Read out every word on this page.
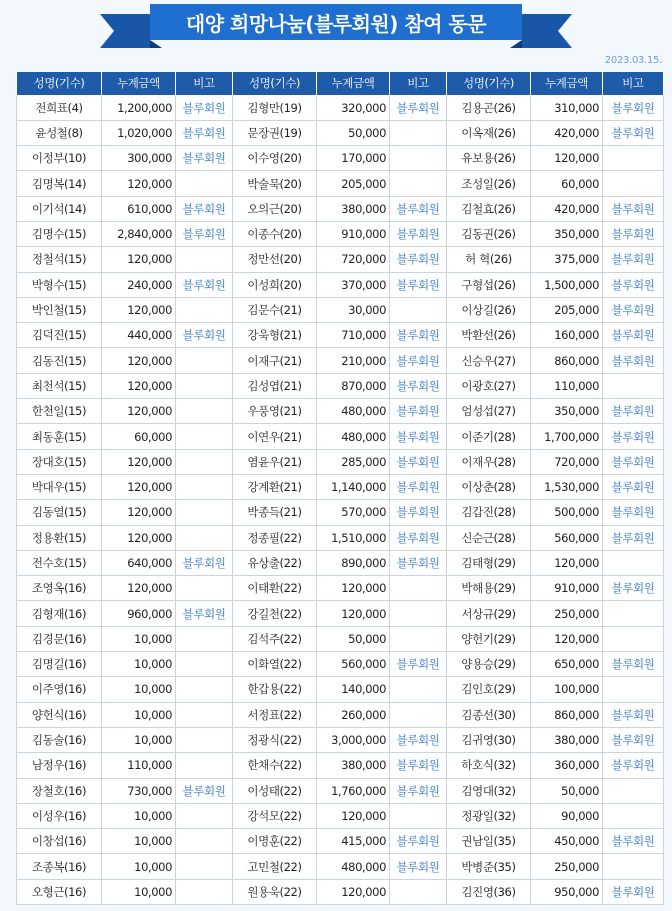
대양 희망나눔(블루회원) 참여 동문
2023.03.15.
성명(기수)	누계금액	비고	성명(기수)	누계금액	비고	성명(기수)	누계금액	비고
전희표(4)	1,200,000	블루회원	김형만(19)	320,000	블루회원	김용곤(26)	310,000	블루회원
윤성철(8)	1,020,000	블루회원	문장권(19)	50,000		이옥재(26)	420,000	블루회원
이정부(10)	300,000	블루회원	이수영(20)	170,000		유보용(26)	120,000	
김명복(14)	120,000		박술묵(20)	205,000		조성일(26)	60,000	
이기석(14)	610,000	블루회원	오의근(20)	380,000	블루회원	김철효(26)	420,000	블루회원
김명수(15)	2,840,000	블루회원	이종수(20)	910,000	블루회원	김동권(26)	350,000	블루회원
정철석(15)	120,000		정만선(20)	720,000	블루회원	허 혁(26)	375,000	블루회원
박형수(15)	240,000	블루회원	이성희(20)	370,000	블루회원	구형섭(26)	1,500,000	블루회원
박인철(15)	120,000		김문수(21)	30,000		이상길(26)	205,000	블루회원
김덕진(15)	440,000	블루회원	강욱형(21)	710,000	블루회원	박환선(26)	160,000	블루회원
김동진(15)	120,000		이재구(21)	210,000	블루회원	신승우(27)	860,000	블루회원
최천석(15)	120,000		김성엽(21)	870,000	블루회원	이광호(27)	110,000	
한천일(15)	120,000		우풍영(21)	480,000	블루회원	엄성섭(27)	350,000	블루회원
최동훈(15)	60,000		이연우(21)	480,000	블루회원	이준기(28)	1,700,000	블루회원
장대호(15)	120,000		염윤우(21)	285,000	블루회원	이재우(28)	720,000	블루회원
박대우(15)	120,000		강계환(21)	1,140,000	블루회원	이상춘(28)	1,530,000	블루회원
김동열(15)	120,000		박종득(21)	570,000	블루회원	김갑진(28)	500,000	블루회원
정용환(15)	120,000		정종필(22)	1,510,000	블루회원	신순근(28)	560,000	블루회원
전수호(15)	640,000	블루회원	유상출(22)	890,000	블루회원	김태형(29)	120,000	
조영옥(16)	120,000		이태환(22)	120,000		박해용(29)	910,000	블루회원
김형재(16)	960,000	블루회원	강길천(22)	120,000		서상규(29)	250,000	
김경문(16)	10,000		김석주(22)	50,000		양헌기(29)	120,000	
김명길(16)	10,000		이화열(22)	560,000	블루회원	양용승(29)	650,000	블루회원
이주영(16)	10,000		한갑용(22)	140,000		김인호(29)	100,000	
양헌식(16)	10,000		서정표(22)	260,000		김종선(30)	860,000	블루회원
김동술(16)	10,000		정광식(22)	3,000,000	블루회원	김귀영(30)	380,000	블루회원
남정우(16)	110,000		한채수(22)	380,000	블루회원	하호식(32)	360,000	블루회원
장철호(16)	730,000	블루회원	이성태(22)	1,760,000	블루회원	김영대(32)	50,000	
이성우(16)	10,000		강석모(22)	120,000		정광일(32)	90,000	
이창섭(16)	10,000		이명훈(22)	415,000	블루회원	권남일(35)	450,000	블루회원
조종복(16)	10,000		고민철(22)	480,000	블루회원	박병준(35)	250,000	
오형근(16)	10,000		원용욱(22)	120,000		김진영(36)	950,000	블루회원
